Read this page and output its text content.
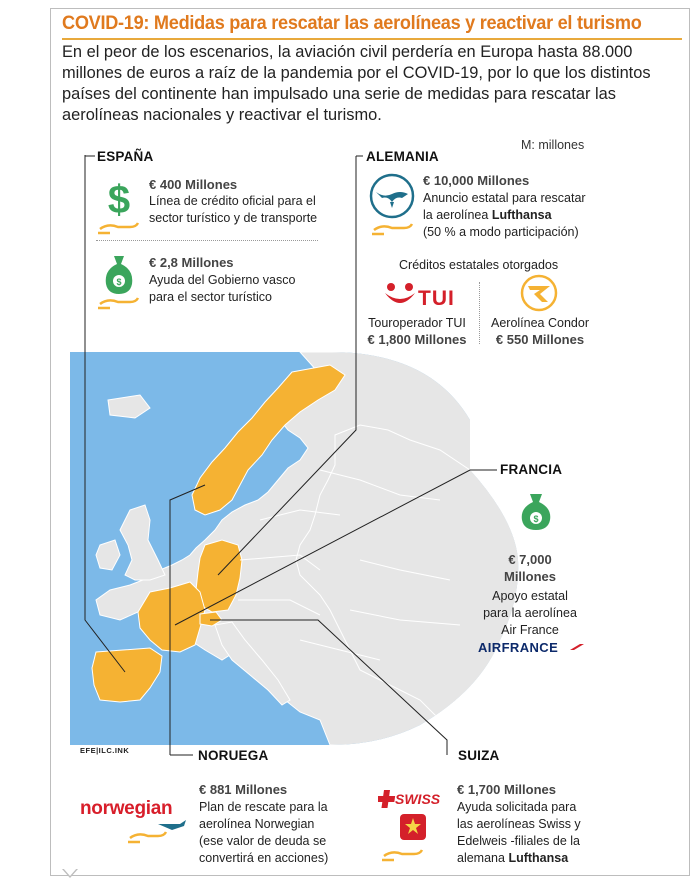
COVID-19: Medidas para rescatar las aerolíneas y reactivar el turismo
En el peor de los escenarios, la aviación civil perdería en Europa hasta 88.000 millones de euros a raíz de la pandemia por el COVID-19, por lo que los distintos países del continente han impulsado una serie de medidas para rescatar las aerolíneas nacionales y reactivar el turismo.
M: millones
ESPAÑA
$ € 400 Millones
Línea de crédito oficial para el
sector turístico y de transporte
$
€ 2,8 Millones
Ayuda del Gobierno vasco
para el sector turístico
ALEMANIA
€ 10,000 Millones
Anuncio estatal para rescatar
la aerolínea Lufthansa
(50 % a modo participación)
Créditos estatales otorgados
TUI
Touroperador TUI
€ 1,800 Millones
Aerolínea Condor
€ 550 Millones
FRANCIA
$
€ 7,000
Millones
Apoyo estatal
para la aerolínea
Air France
AIRFRANCE
EFE|ILC.INK	NORUEGA
norwegian
€ 881 Millones
Plan de rescate para la
aerolínea Norwegian
(ese valor de deuda se
convertirá en acciones)
SUIZA
SWISS
€ 1,700 Millones
Ayuda solicitada para
las aerolíneas Swiss y
Edelweis -filiales de la
alemana Lufthansa
